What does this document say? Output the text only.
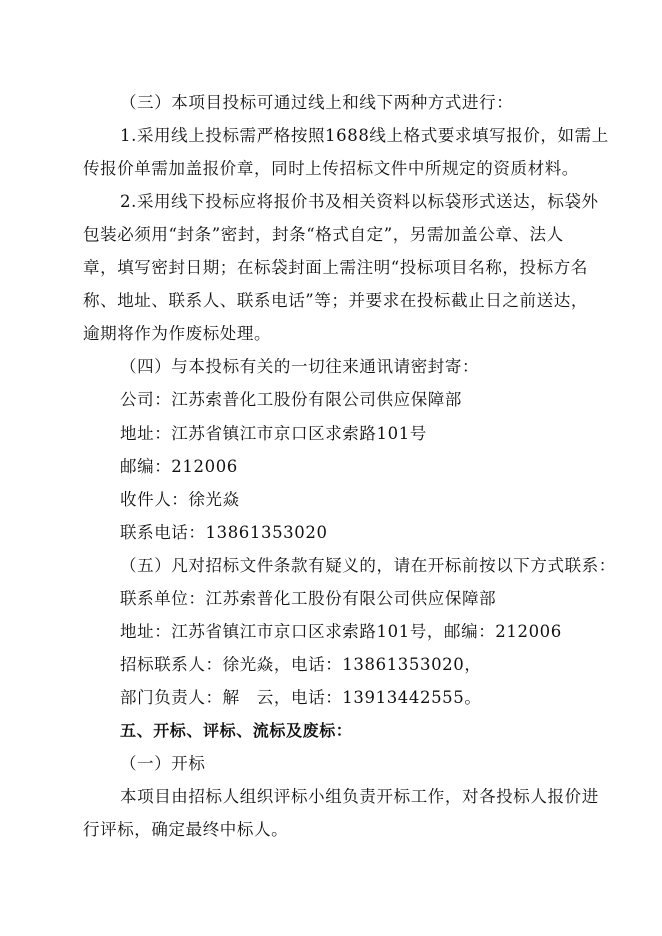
（三）本项目投标可通过线上和线下两种方式进行：
1.采用线上投标需严格按照1688线上格式要求填写报价，如需上
传报价单需加盖报价章，同时上传招标文件中所规定的资质材料。
2.采用线下投标应将报价书及相关资料以标袋形式送达，标袋外
包装必须用“封条”密封，封条“格式自定”，另需加盖公章、法人
章，填写密封日期；在标袋封面上需注明“投标项目名称，投标方名
称、地址、联系人、联系电话”等；并要求在投标截止日之前送达，
逾期将作为作废标处理。
（四）与本投标有关的一切往来通讯请密封寄：
公司：江苏索普化工股份有限公司供应保障部
地址：江苏省镇江市京口区求索路101号
邮编：212006
收件人：徐光焱
联系电话：13861353020
（五）凡对招标文件条款有疑义的，请在开标前按以下方式联系：
联系单位：江苏索普化工股份有限公司供应保障部
地址：江苏省镇江市京口区求索路101号，邮编：212006
招标联系人：徐光焱，电话：13861353020，
部门负责人：解　云，电话：13913442555。
五、开标、评标、流标及废标：
（一）开标
本项目由招标人组织评标小组负责开标工作，对各投标人报价进
行评标，确定最终中标人。
